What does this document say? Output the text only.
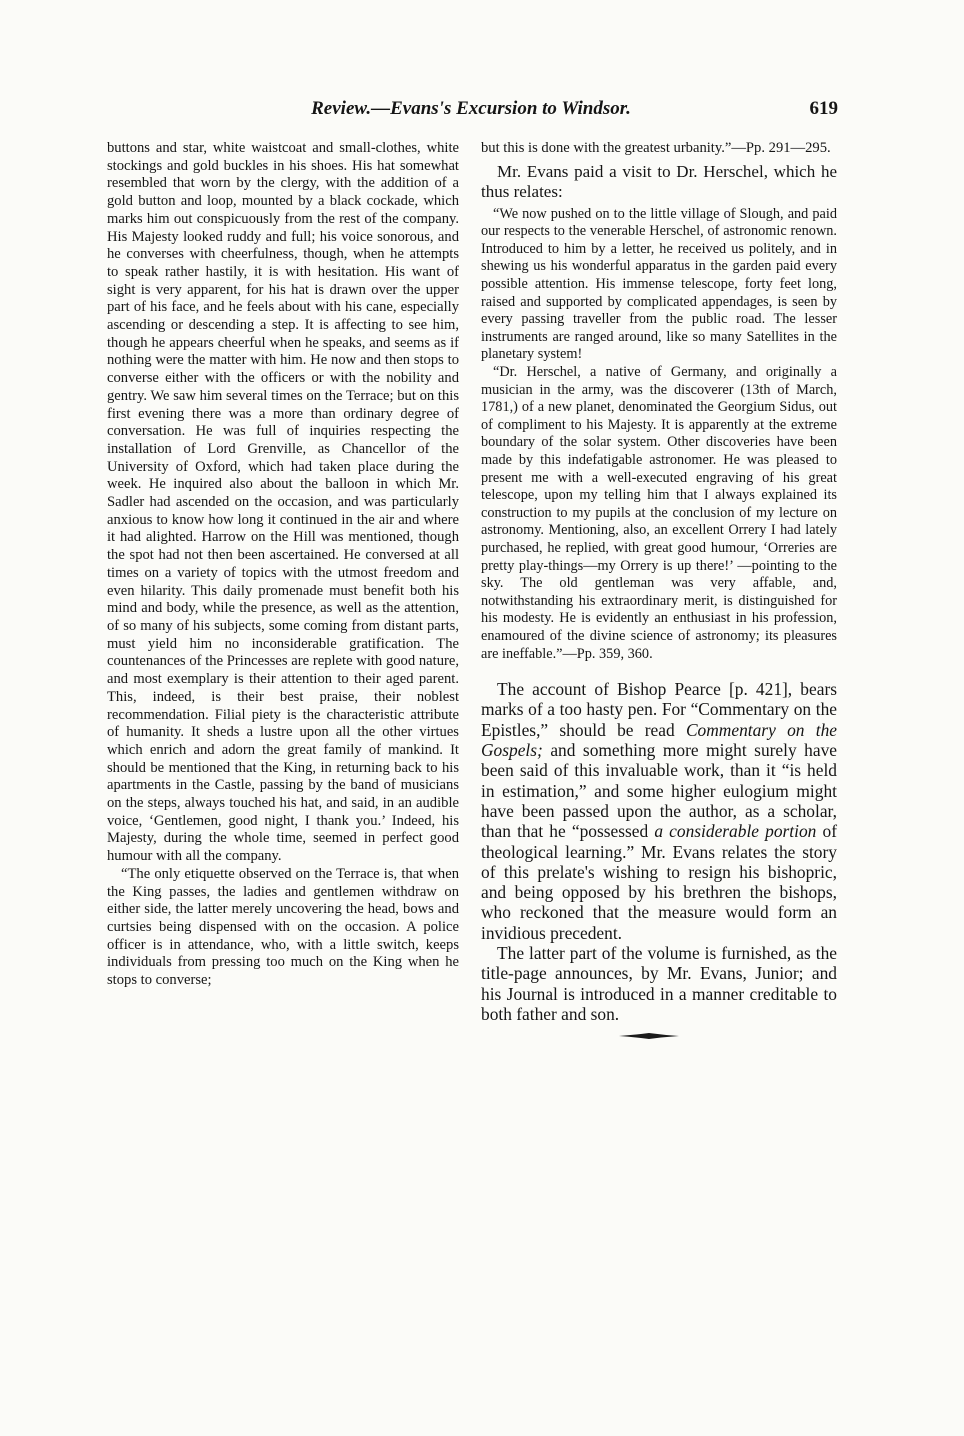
Review.—Evans's Excursion to Windsor.	619

buttons and star, white waistcoat and small-clothes, white stockings and gold buckles in his shoes. His hat somewhat resembled that worn by the clergy, with the addition of a gold button and loop, mounted by a black cockade, which marks him out conspicuously from the rest of the company. His Majesty looked ruddy and full; his voice sonorous, and he converses with cheerfulness, though, when he attempts to speak rather hastily, it is with hesitation. His want of sight is very apparent, for his hat is drawn over the upper part of his face, and he feels about with his cane, especially ascending or descending a step. It is affecting to see him, though he appears cheerful when he speaks, and seems as if nothing were the matter with him. He now and then stops to converse either with the officers or with the nobility and gentry. We saw him several times on the Terrace; but on this first evening there was a more than ordinary degree of conversation. He was full of inquiries respecting the installation of Lord Grenville, as Chancellor of the University of Oxford, which had taken place during the week. He inquired also about the balloon in which Mr. Sadler had ascended on the occasion, and was particularly anxious to know how long it continued in the air and where it had alighted. Harrow on the Hill was mentioned, though the spot had not then been ascertained. He conversed at all times on a variety of topics with the utmost freedom and even hilarity. This daily promenade must benefit both his mind and body, while the presence, as well as the attention, of so many of his subjects, some coming from distant parts, must yield him no inconsiderable gratification. The countenances of the Princesses are replete with good nature, and most exemplary is their attention to their aged parent. This, indeed, is their best praise, their noblest recommendation. Filial piety is the characteristic attribute of humanity. It sheds a lustre upon all the other virtues which enrich and adorn the great family of mankind. It should be mentioned that the King, in returning back to his apartments in the Castle, passing by the band of musicians on the steps, always touched his hat, and said, in an audible voice, ‘Gentlemen, good night, I thank you.’ Indeed, his Majesty, during the whole time, seemed in perfect good humour with all the company.

“The only etiquette observed on the Terrace is, that when the King passes, the ladies and gentlemen withdraw on either side, the latter merely uncovering the head, bows and curtsies being dispensed with on the occasion. A police officer is in attendance, who, with a little switch, keeps individuals from pressing too much on the King when he stops to converse;

but this is done with the greatest urbanity.”—Pp. 291—295.

Mr. Evans paid a visit to Dr. Herschel, which he thus relates:

“We now pushed on to the little village of Slough, and paid our respects to the venerable Herschel, of astronomic renown. Introduced to him by a letter, he received us politely, and in shewing us his wonderful apparatus in the garden paid every possible attention. His immense telescope, forty feet long, raised and supported by complicated appendages, is seen by every passing traveller from the public road. The lesser instruments are ranged around, like so many Satellites in the planetary system!

“Dr. Herschel, a native of Germany, and originally a musician in the army, was the discoverer (13th of March, 1781,) of a new planet, denominated the Georgium Sidus, out of compliment to his Majesty. It is apparently at the extreme boundary of the solar system. Other discoveries have been made by this indefatigable astronomer. He was pleased to present me with a well-executed engraving of his great telescope, upon my telling him that I always explained its construction to my pupils at the conclusion of my lecture on astronomy. Mentioning, also, an excellent Orrery I had lately purchased, he replied, with great good humour, ‘Orreries are pretty play-things—my Orrery is up there!’ —pointing to the sky. The old gentleman was very affable, and, notwithstanding his extraordinary merit, is distinguished for his modesty. He is evidently an enthusiast in his profession, enamoured of the divine science of astronomy; its pleasures are ineffable.”—Pp. 359, 360.

The account of Bishop Pearce [p. 421], bears marks of a too hasty pen. For “Commentary on the Epistles,” should be read Commentary on the Gospels; and something more might surely have been said of this invaluable work, than it “is held in estimation,” and some higher eulogium might have been passed upon the author, as a scholar, than that he “possessed a considerable portion of theological learning.” Mr. Evans relates the story of this prelate's wishing to resign his bishopric, and being opposed by his brethren the bishops, who reckoned that the measure would form an invidious precedent.

The latter part of the volume is furnished, as the title-page announces, by Mr. Evans, Junior; and his Journal is introduced in a manner creditable to both father and son.
